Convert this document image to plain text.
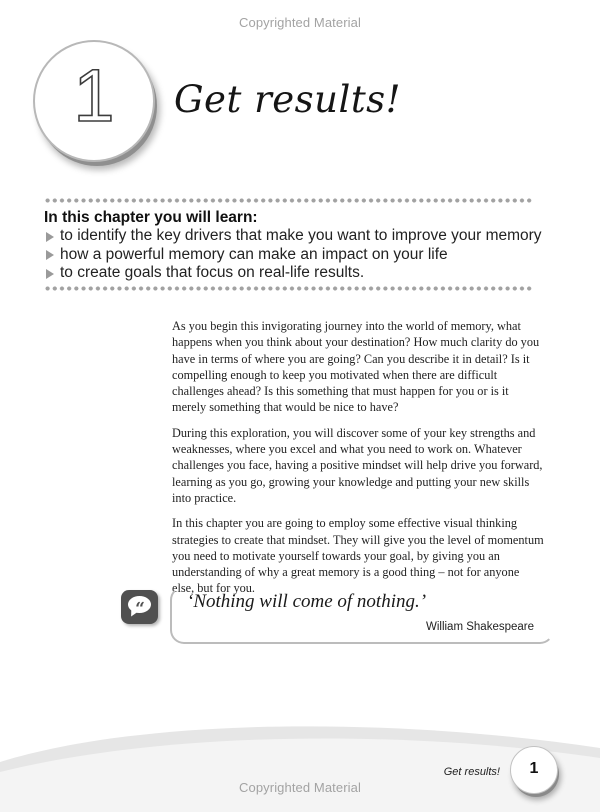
Copyrighted Material
1	Get results!
In this chapter you will learn:
to identify the key drivers that make you want to improve your memory
how a powerful memory can make an impact on your life
to create goals that focus on real-life results.

As you begin this invigorating journey into the world of memory, what happens when you think about your destination? How much clarity do you have in terms of where you are going? Can you describe it in detail? Is it compelling enough to keep you motivated when there are difficult challenges ahead? Is this something that must happen for you or is it merely something that would be nice to have?

During this exploration, you will discover some of your key strengths and weaknesses, where you excel and what you need to work on. Whatever challenges you face, having a positive mindset will help drive you forward, learning as you go, growing your knowledge and putting your new skills into practice.

In this chapter you are going to employ some effective visual thinking strategies to create that mindset. They will give you the level of momentum you need to motivate yourself towards your goal, by giving you an understanding of why a great memory is a good thing – not for anyone else, but for you.

“	‘Nothing will come of nothing.’

William Shakespeare
Get results!	1
Copyrighted Material
